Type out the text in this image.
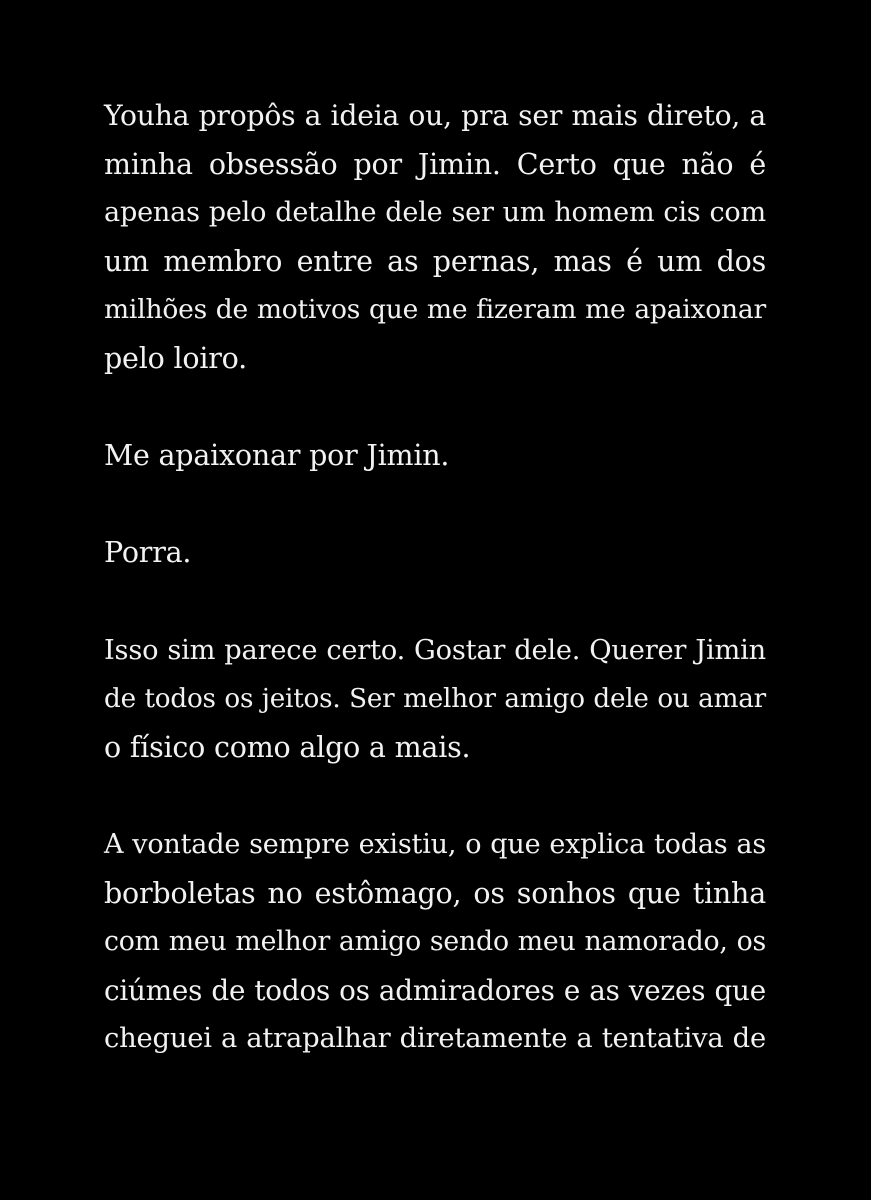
Youha propôs a ideia ou, pra ser mais direto, a
minha obsessão por Jimin. Certo que não é
apenas pelo detalhe dele ser um homem cis com
um membro entre as pernas, mas é um dos
milhões de motivos que me fizeram me apaixonar
pelo loiro.

Me apaixonar por Jimin.

Porra.

Isso sim parece certo. Gostar dele. Querer Jimin
de todos os jeitos. Ser melhor amigo dele ou amar
o físico como algo a mais.

A vontade sempre existiu, o que explica todas as
borboletas no estômago, os sonhos que tinha
com meu melhor amigo sendo meu namorado, os
ciúmes de todos os admiradores e as vezes que
cheguei a atrapalhar diretamente a tentativa de
